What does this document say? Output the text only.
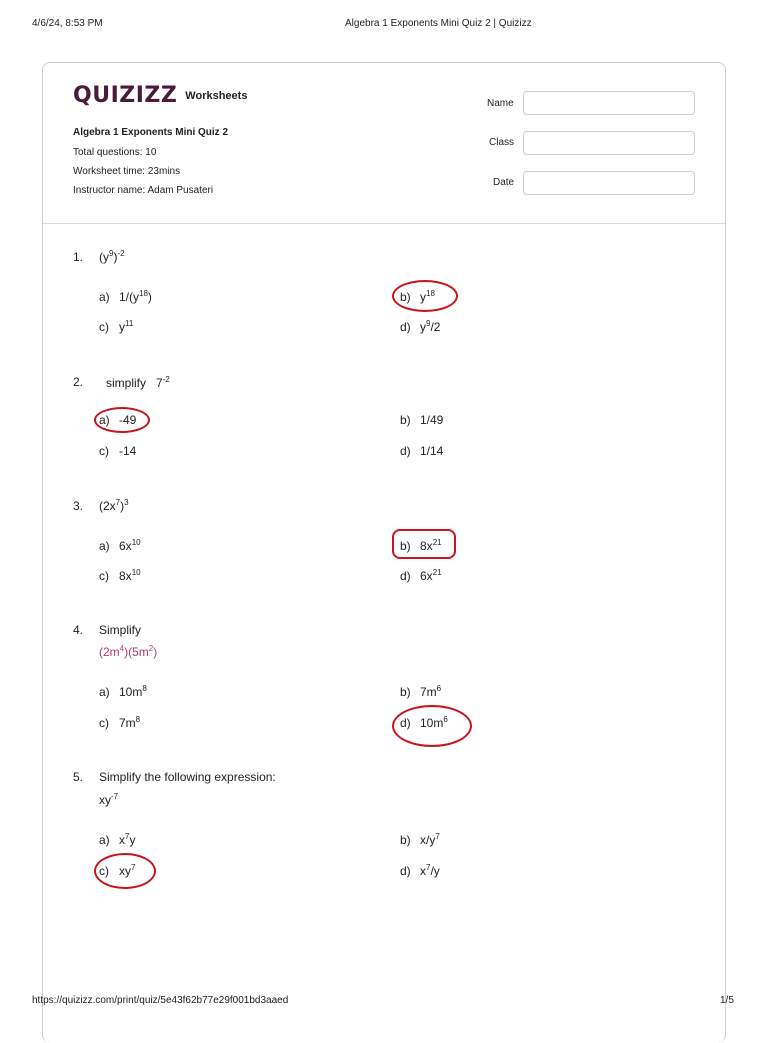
4/6/24, 8:53 PM	Algebra 1 Exponents Mini Quiz 2 | Quizizz
QUIZIZZ Worksheets
Algebra 1 Exponents Mini Quiz 2
Total questions: 10
Worksheet time: 23mins
Instructor name: Adam Pusateri
Name
Class
Date
1. $(y^9)^{-2}$
a) $1/(y^{18})$	b) $y^{18}$
c) $y^{11}$	d) $y^9/2$
2. simplify   $7^{-2}$
a) -49	b) 1/49
c) -14	d) 1/14
3. $(2x^7)^3$
a) $6x^{10}$	b) $8x^{21}$
c) $8x^{10}$	d) $6x^{21}$
4. Simplify
$(2m^4)(5m^2)$
a) $10m^8$	b) $7m^6$
c) $7m^8$	d) $10m^6$
5. Simplify the following expression:
$xy^{-7}$
a) $x^7y$	b) $x/y^7$
c) $xy^7$	d) $x^7/y$
https://quizizz.com/print/quiz/5e43f62b77e29f001bd3aaed	1/5
